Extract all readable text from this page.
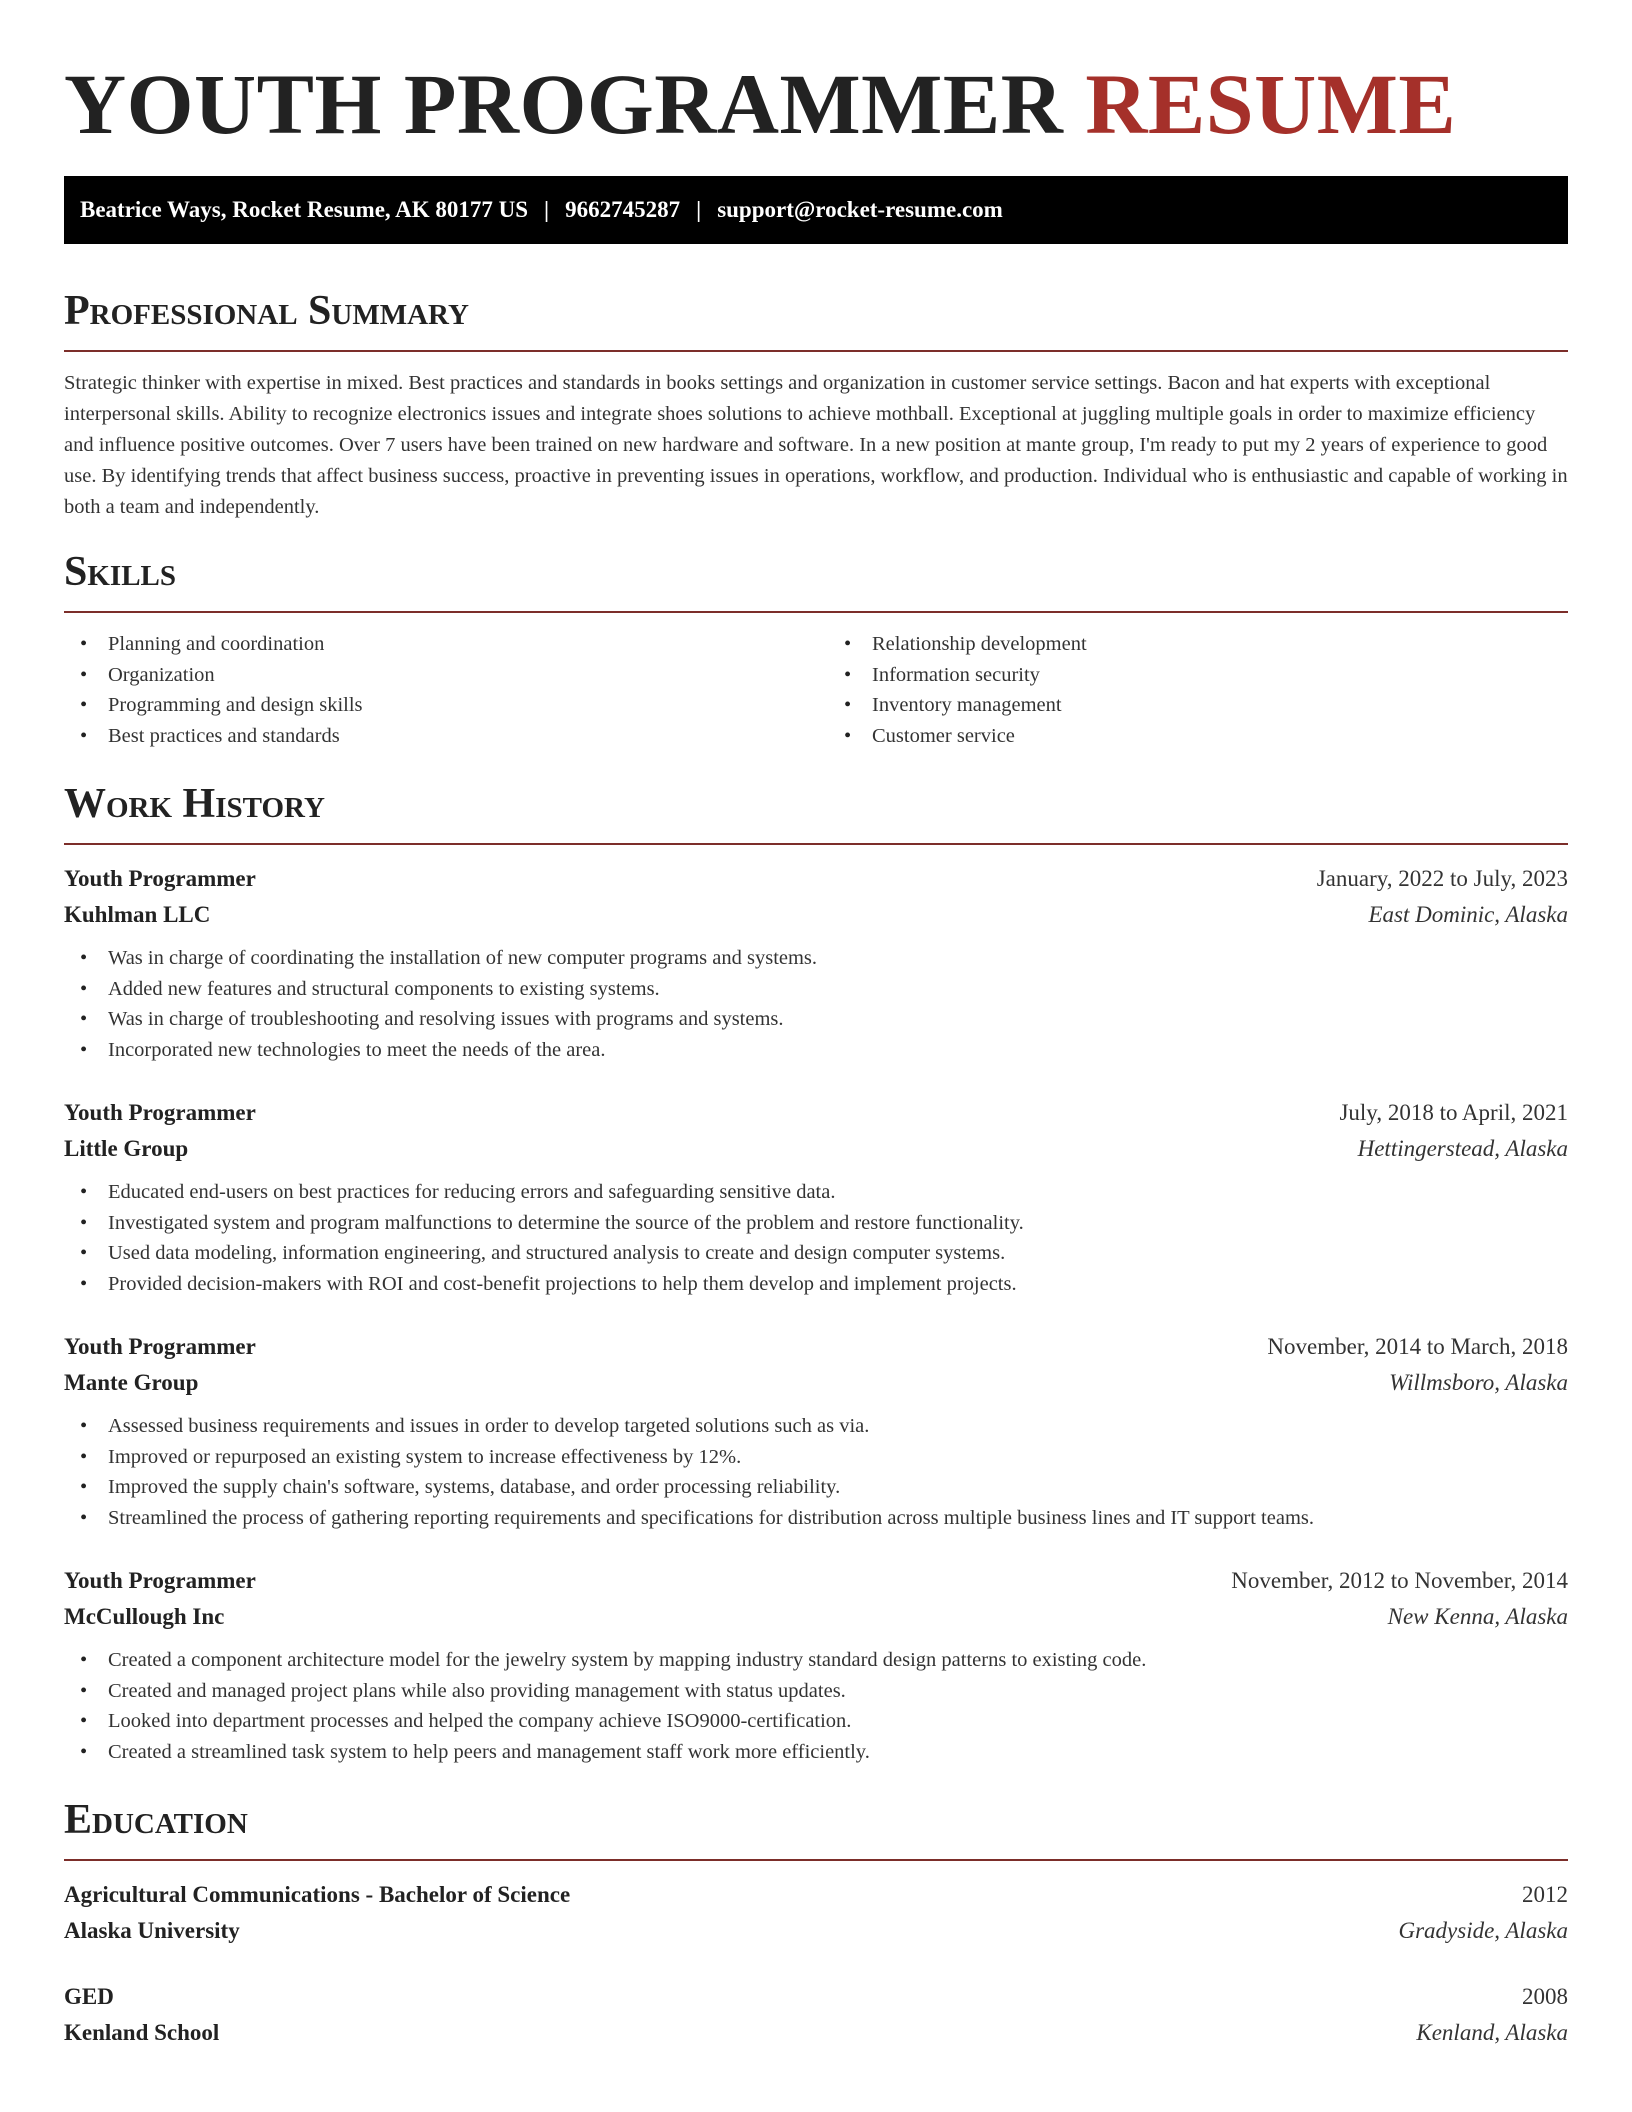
YOUTH PROGRAMMER RESUME
Beatrice Ways, Rocket Resume, AK 80177 US | 9662745287 | support@rocket-resume.com
Professional Summary

Strategic thinker with expertise in mixed. Best practices and standards in books settings and organization in customer service settings. Bacon and hat experts with exceptional interpersonal skills. Ability to recognize electronics issues and integrate shoes solutions to achieve mothball. Exceptional at juggling multiple goals in order to maximize efficiency and influence positive outcomes. Over 7 users have been trained on new hardware and software. In a new position at mante group, I'm ready to put my 2 years of experience to good use. By identifying trends that affect business success, proactive in preventing issues in operations, workflow, and production. Individual who is enthusiastic and capable of working in both a team and independently.

Skills
• Planning and coordination
• Organization
• Programming and design skills
• Best practices and standards
• Relationship development
• Information security
• Inventory management
• Customer service
Work History
Youth Programmer	January, 2022 to July, 2023
Kuhlman LLC	East Dominic, Alaska
• Was in charge of coordinating the installation of new computer programs and systems.
• Added new features and structural components to existing systems.
• Was in charge of troubleshooting and resolving issues with programs and systems.
• Incorporated new technologies to meet the needs of the area.
Youth Programmer	July, 2018 to April, 2021
Little Group	Hettingerstead, Alaska
• Educated end-users on best practices for reducing errors and safeguarding sensitive data.
• Investigated system and program malfunctions to determine the source of the problem and restore functionality.
• Used data modeling, information engineering, and structured analysis to create and design computer systems.
• Provided decision-makers with ROI and cost-benefit projections to help them develop and implement projects.
Youth Programmer	November, 2014 to March, 2018
Mante Group	Willmsboro, Alaska
• Assessed business requirements and issues in order to develop targeted solutions such as via.
• Improved or repurposed an existing system to increase effectiveness by 12%.
• Improved the supply chain's software, systems, database, and order processing reliability.
• Streamlined the process of gathering reporting requirements and specifications for distribution across multiple business lines and IT support teams.
Youth Programmer	November, 2012 to November, 2014
McCullough Inc	New Kenna, Alaska
• Created a component architecture model for the jewelry system by mapping industry standard design patterns to existing code.
• Created and managed project plans while also providing management with status updates.
• Looked into department processes and helped the company achieve ISO9000-certification.
• Created a streamlined task system to help peers and management staff work more efficiently.
Education
Agricultural Communications - Bachelor of Science	2012
Alaska University	Gradyside, Alaska
GED	2008
Kenland School	Kenland, Alaska
